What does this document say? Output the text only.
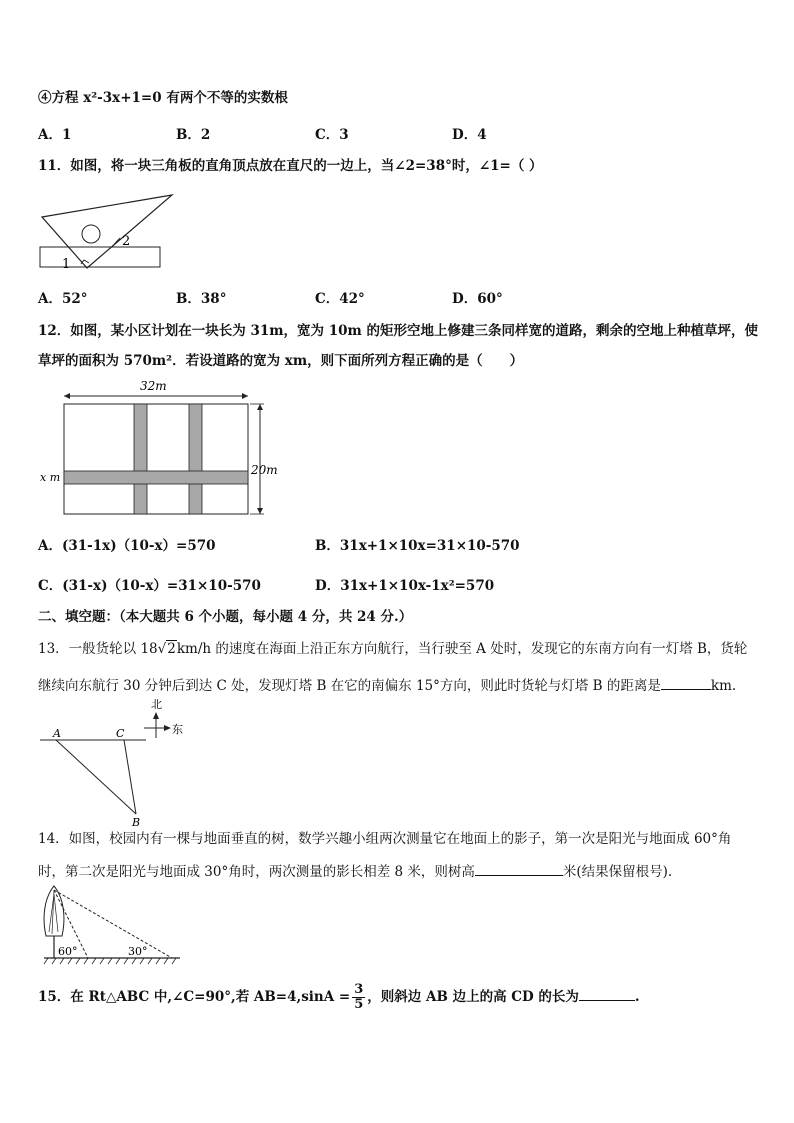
④方程 x²-3x+1=0 有两个不等的实数根
A．1	B．2	C．3	D．4
11．如图，将一块三角板的直角顶点放在直尺的一边上，当∠2=38°时，∠1=（ ）
1
2
A．52°	B．38°	C．42°	D．60°
12．如图，某小区计划在一块长为 31m，宽为 10m 的矩形空地上修建三条同样宽的道路，剩余的空地上种植草坪，使
草坪的面积为 570m²．若设道路的宽为 xm，则下面所列方程正确的是（　　）
32m
20m
x m
A．(31-1x)（10-x）=570	B．31x+1×10x=31×10-570
C．(31-x)（10-x）=31×10-570	D．31x+1×10x-1x²=570
二、填空题：（本大题共 6 个小题，每小题 4 分，共 24 分.）
13．一般货轮以 18√2km/h 的速度在海面上沿正东方向航行，当行驶至 A 处时，发现它的东南方向有一灯塔 B，货轮
继续向东航行 30 分钟后到达 C 处，发现灯塔 B 在它的南偏东 15°方向，则此时货轮与灯塔 B 的距离是	km.
A	C
B
北
东
14．如图，校园内有一棵与地面垂直的树，数学兴趣小组两次测量它在地面上的影子，第一次是阳光与地面成 60°角
时，第二次是阳光与地面成 30°角时，两次测量的影长相差 8 米，则树高	米(结果保留根号).
60°	30°
15．在 Rt△ABC 中,∠C=90°,若 $AB=4,\sin A = \frac{3}{5}$ ，则斜边 AB 边上的高 CD 的长为	.
